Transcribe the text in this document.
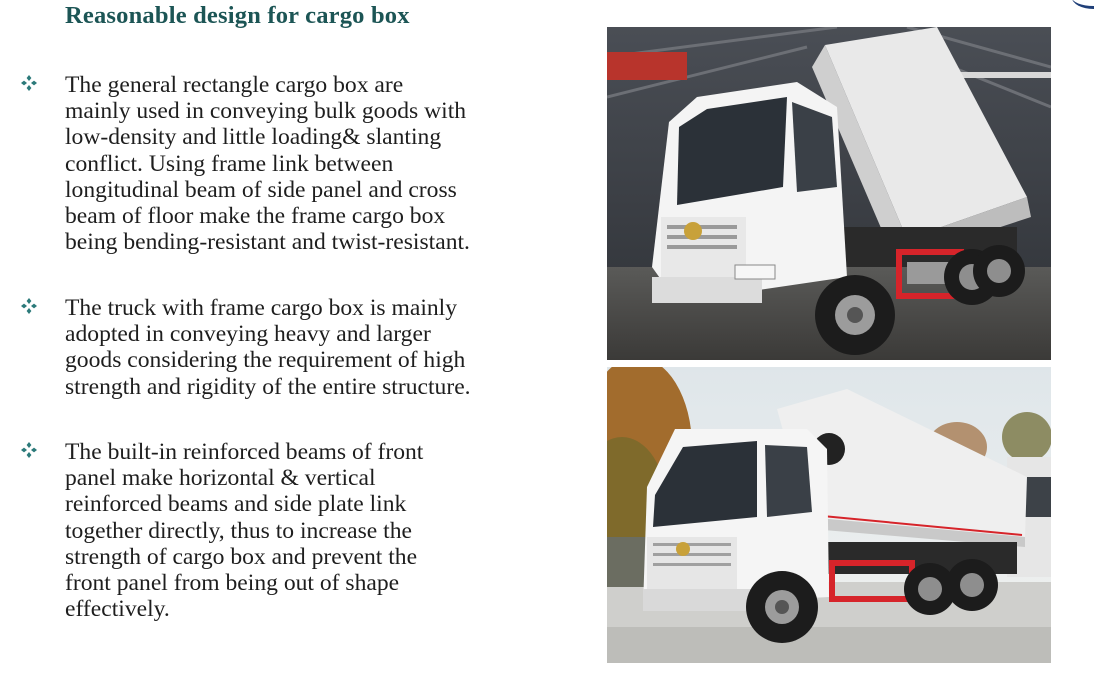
Reasonable design for cargo box
The general rectangle cargo box are
mainly used in conveying bulk goods with
low-density and little loading& slanting
conflict. Using frame link between
longitudinal beam of side panel and cross
beam of floor make the frame cargo box
being bending-resistant and twist-resistant.
The truck with frame cargo box is mainly
adopted in conveying heavy and larger
goods considering the requirement of high
strength and rigidity of the entire structure.
The built-in reinforced beams of front
panel make horizontal & vertical
reinforced beams and side plate link
together directly, thus to increase the
strength of cargo box and prevent the
front panel from being out of shape
effectively.
